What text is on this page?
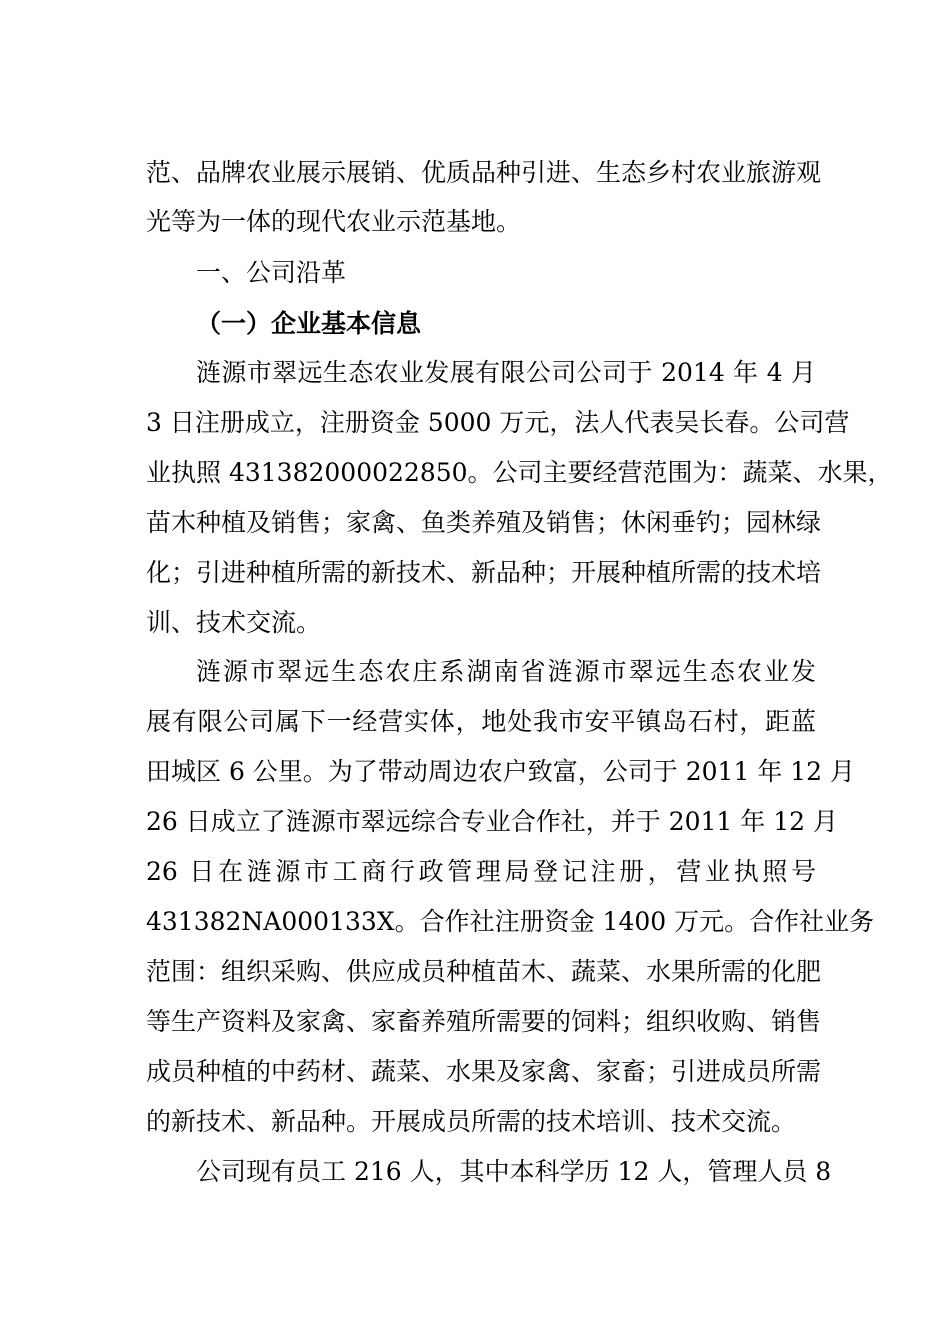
范、品牌农业展示展销、优质品种引进、生态乡村农业旅游观
光等为一体的现代农业示范基地。
一、公司沿革
（一）企业基本信息
涟源市翠远生态农业发展有限公司公司于 2014 年 4 月
3 日注册成立，注册资金 5000 万元，法人代表吴长春。公司营
业执照 431382000022850。公司主要经营范围为：蔬菜、水果，
苗木种植及销售；家禽、鱼类养殖及销售；休闲垂钓；园林绿
化；引进种植所需的新技术、新品种；开展种植所需的技术培
训、技术交流。
涟源市翠远生态农庄系湖南省涟源市翠远生态农业发
展有限公司属下一经营实体，地处我市安平镇岛石村，距蓝
田城区 6 公里。为了带动周边农户致富，公司于 2011 年 12 月
26 日成立了涟源市翠远综合专业合作社，并于 2011 年 12 月
26 日在涟源市工商行政管理局登记注册，营业执照号
431382NA000133X。合作社注册资金 1400 万元。合作社业务
范围：组织采购、供应成员种植苗木、蔬菜、水果所需的化肥
等生产资料及家禽、家畜养殖所需要的饲料；组织收购、销售
成员种植的中药材、蔬菜、水果及家禽、家畜；引进成员所需
的新技术、新品种。开展成员所需的技术培训、技术交流。
公司现有员工 216 人，其中本科学历 12 人，管理人员 8
